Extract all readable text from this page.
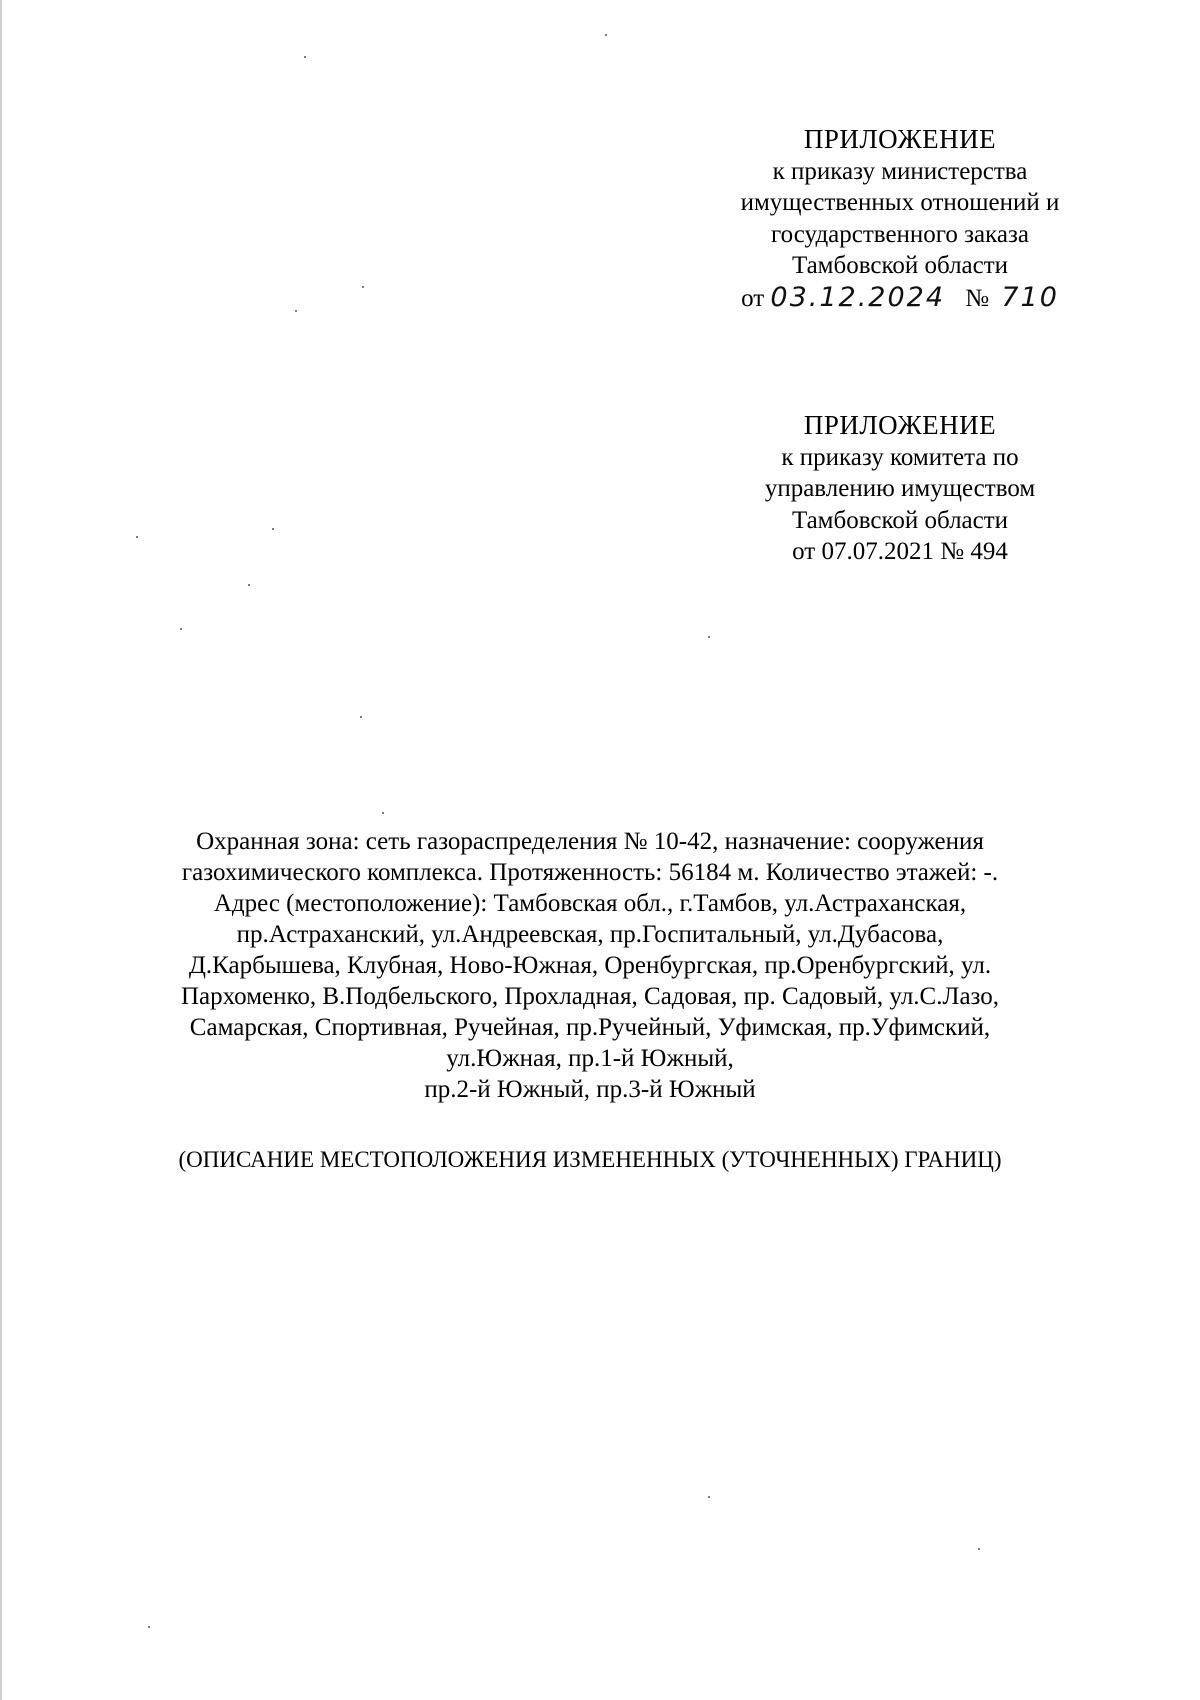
ПРИЛОЖЕНИЕ
к приказу министерства
имущественных отношений и
государственного заказа
Тамбовской области
от 03.12.2024 № 710
ПРИЛОЖЕНИЕ
к приказу комитета по
управлению имуществом
Тамбовской области
от 07.07.2021 № 494
Охранная зона: сеть газораспределения № 10-42, назначение: сооружения
газохимического комплекса. Протяженность: 56184 м. Количество этажей: -.
Адрес (местоположение): Тамбовская обл., г.Тамбов, ул.Астраханская,
пр.Астраханский, ул.Андреевская, пр.Госпитальный, ул.Дубасова,
Д.Карбышева, Клубная, Ново-Южная, Оренбургская, пр.Оренбургский, ул.
Пархоменко, В.Подбельского, Прохладная, Садовая, пр. Садовый, ул.С.Лазо,
Самарская, Спортивная, Ручейная, пр.Ручейный, Уфимская, пр.Уфимский,
ул.Южная, пр.1-й Южный,
пр.2-й Южный, пр.3-й Южный
(ОПИСАНИЕ МЕСТОПОЛОЖЕНИЯ ИЗМЕНЕННЫХ (УТОЧНЕННЫХ) ГРАНИЦ)
